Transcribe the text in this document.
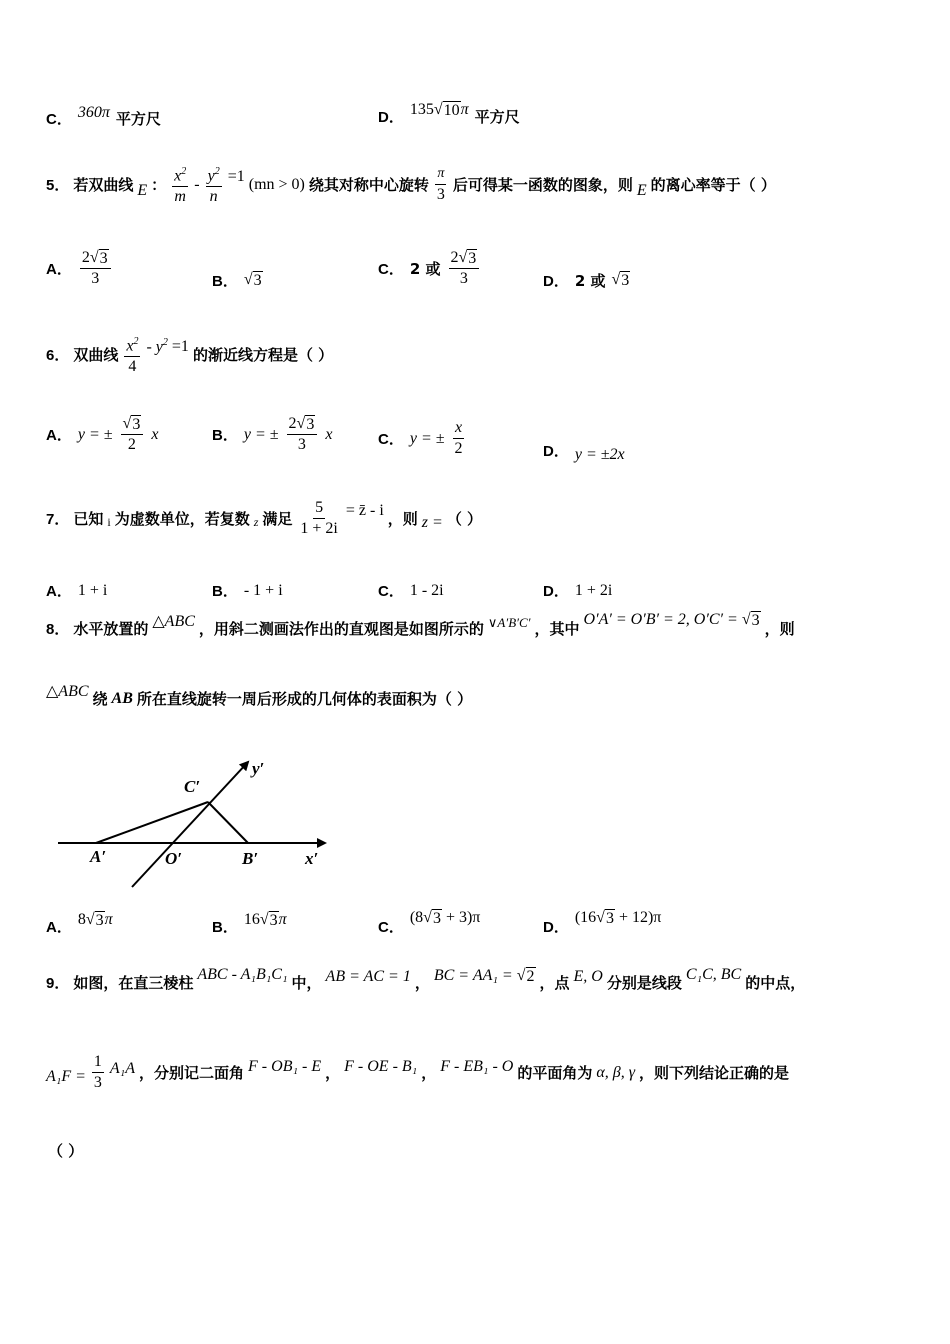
C． 360π 平方尺	D． 135 √ 10 π 平方尺
5． 若双曲线 E ： $\frac{x^2}{m} - \frac{y^2}{n} =1$ (mn > 0) 绕其对称中心旋转 $\frac{\pi}{3}$ 后可得某一函数的图象，则 E 的离心率等于（ ）
A． $\frac{2 √ 3}{3}$	B． √ 3
C． 2 或 $\frac{2 √ 3}{3}$	D． 2 或 √ 3
6． 双曲线 $\frac{x^2}{4} - y^2 =1$ 的渐近线方程是（ ）
A． y = ± $\frac{√ 3}{2}$ x	B． y = ± $\frac{2 √ 3}{3}$ x	C． y = ± $\frac{x}{2}$	D． y = ±2x
7． 已知 i 为虚数单位，若复数 z 满足 $\frac{5}{1 + 2i}$ = z̄ - i ，则 z = （ ）
A． 1 + i	B． - 1 + i	C． 1 - 2i	D． 1 + 2i
8． 水平放置的 △ABC ，用斜二测画法作出的直观图是如图所示的 ∨A′B′C′ ，其中
O′A′ = O′B′ = 2, O′C′ = √ 3 ，则
△ABC 绕 AB 所在直线旋转一周后形成的几何体的表面积为（ ）
A′	O′	B′
C′
x′
y′
A． 8 √ 3 π	B． 16 √ 3 π	C．
(8 √ 3 + 3)π
D．
(16 √ 3 + 12)π
9． 如图，在直三棱柱 ABC - A₁B₁C₁ 中， AB = AC = 1 ， BC = AA₁ = √ 2 ，点 E, O 分别是线段 C₁C, BC 的中点，
$A_1F = \frac{1}{3} A_1A$ ，分别记二面角 F - OB₁ - E ， F - OE - B₁ ， F - EB₁ - O 的平面角为 α, β, γ ，则下列结论正确的是
（ ）
